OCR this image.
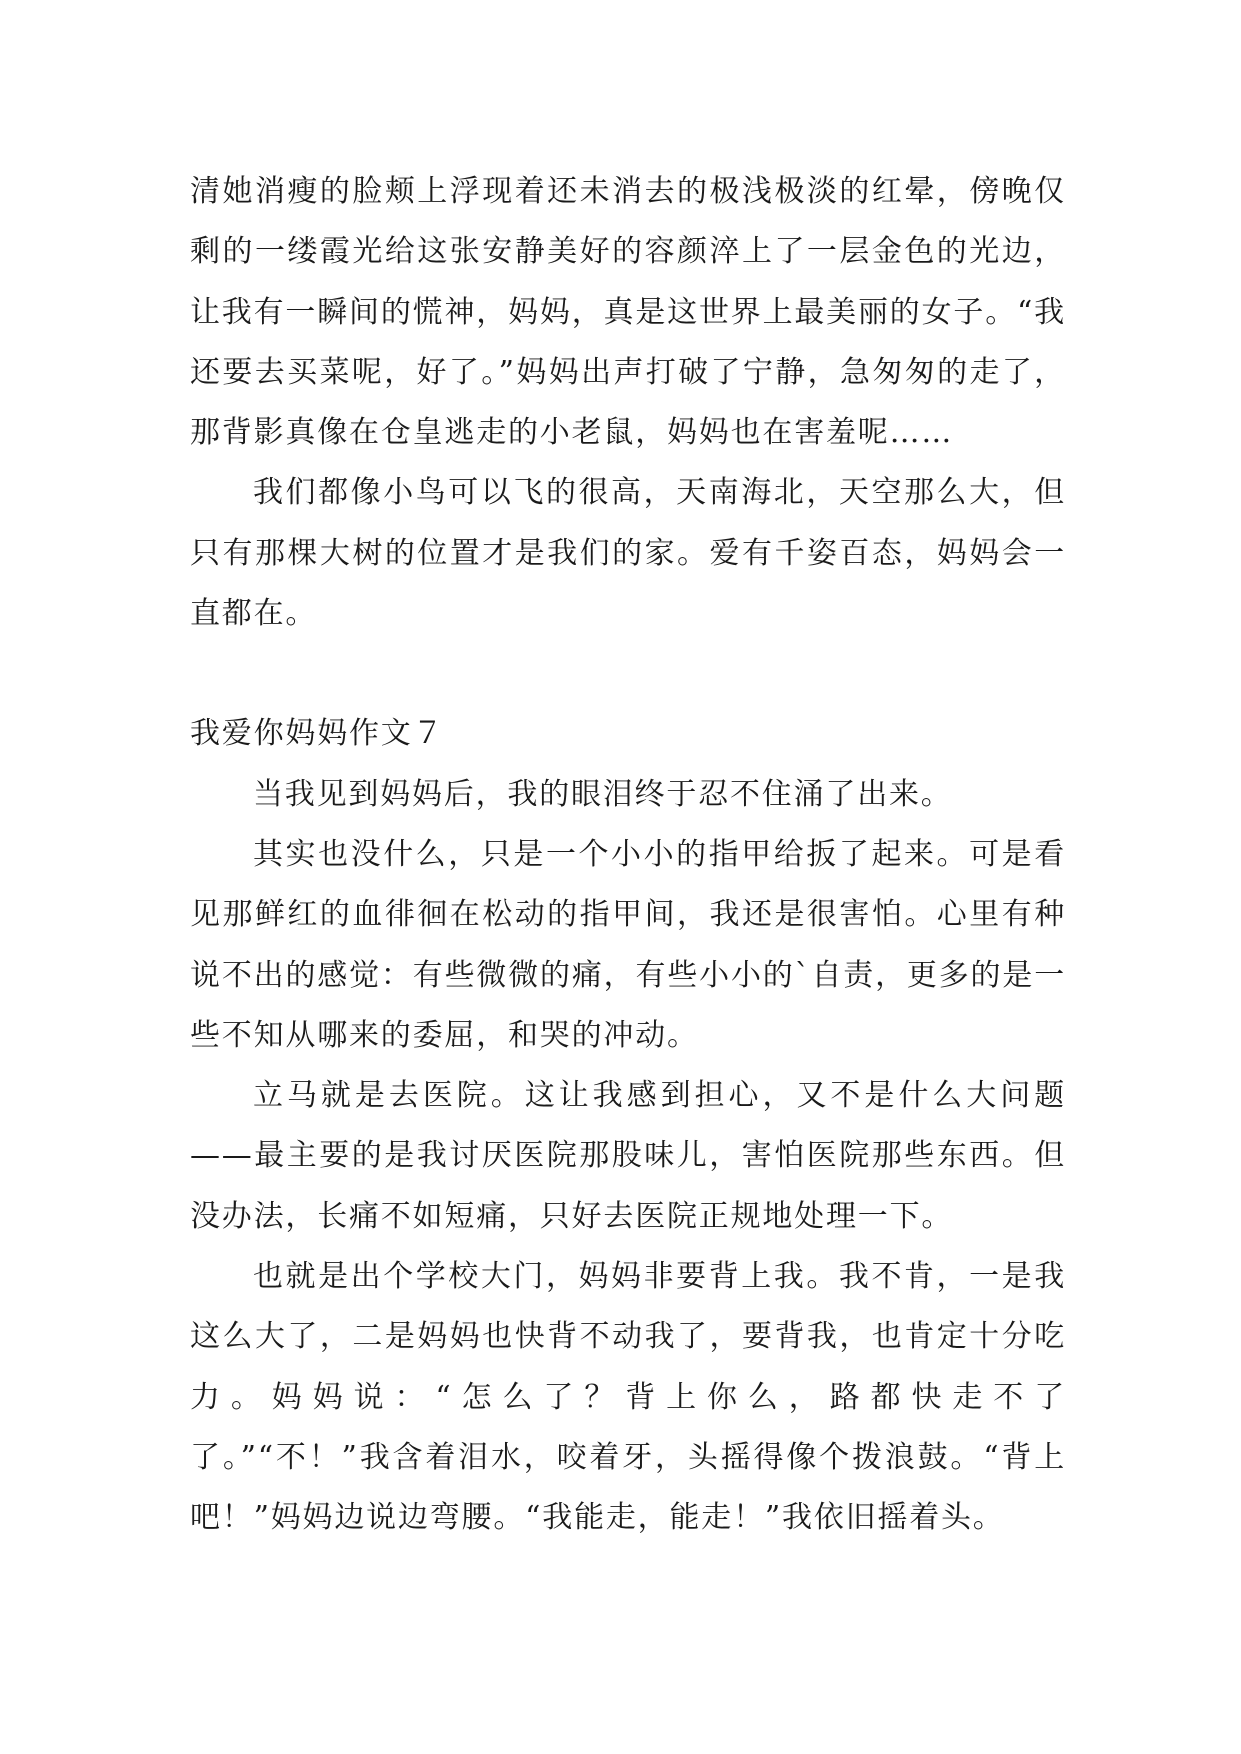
清她消瘦的脸颊上浮现着还未消去的极浅极淡的红晕，傍晚仅剩的一缕霞光给这张安静美好的容颜淬上了一层金色的光边，让我有一瞬间的慌神，妈妈，真是这世界上最美丽的女子。“我还要去买菜呢，好了。”妈妈出声打破了宁静，急匆匆的走了，那背影真像在仓皇逃走的小老鼠，妈妈也在害羞呢……

我们都像小鸟可以飞的很高，天南海北，天空那么大，但只有那棵大树的位置才是我们的家。爱有千姿百态，妈妈会一直都在。

我爱你妈妈作文７

当我见到妈妈后，我的眼泪终于忍不住涌了出来。

其实也没什么，只是一个小小的指甲给扳了起来。可是看见那鲜红的血徘徊在松动的指甲间，我还是很害怕。心里有种说不出的感觉：有些微微的痛，有些小小的`自责，更多的是一些不知从哪来的委屈，和哭的冲动。

立马就是去医院。这让我感到担心，又不是什么大问题——最主要的是我讨厌医院那股味儿，害怕医院那些东西。但没办法，长痛不如短痛，只好去医院正规地处理一下。

也就是出个学校大门，妈妈非要背上我。我不肯，一是我这么大了，二是妈妈也快背不动我了，要背我，也肯定十分吃力。妈妈说：“怎么了？背上你么，路都快走不了了。”“不！”我含着泪水，咬着牙，头摇得像个拨浪鼓。“背上吧！”妈妈边说边弯腰。“我能走，能走！”我依旧摇着头。
